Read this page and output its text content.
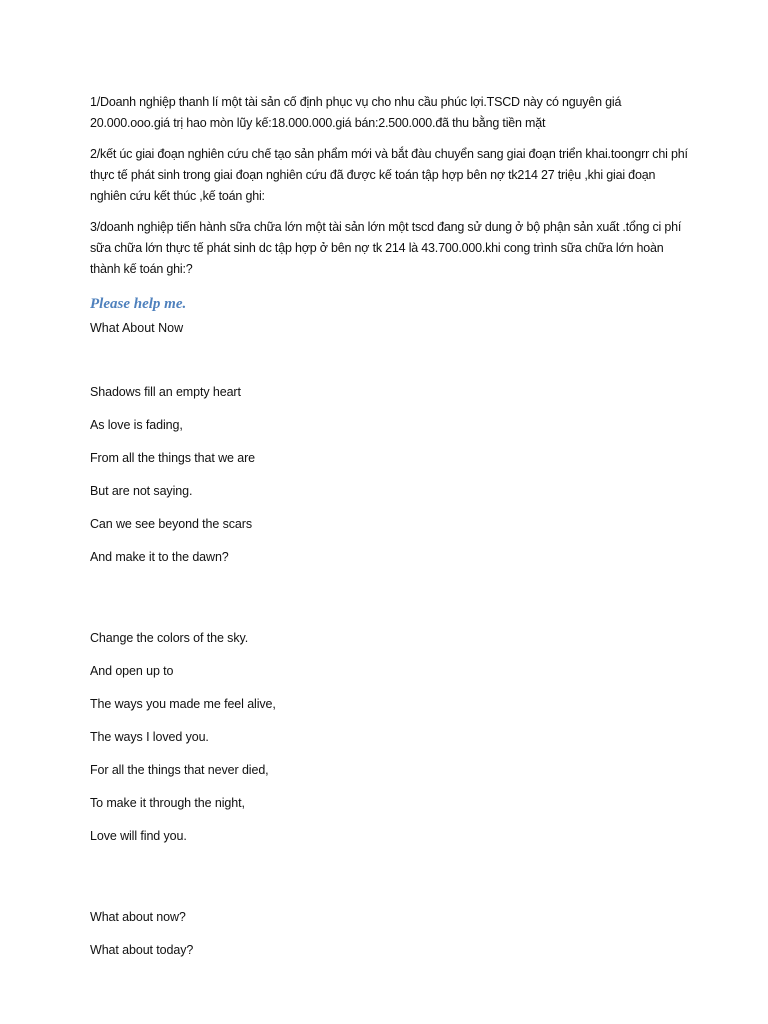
1/Doanh nghiệp thanh lí một tài sản cố định phục vụ cho nhu cầu phúc lợi.TSCD này có nguyên giá 20.000.ooo.giá trị hao mòn lũy kế:18.000.000.giá bán:2.500.000.đã thu bằng tiền mặt

2/kết úc giai đoạn nghiên cứu chế tạo sản phẩm mới và bắt đàu chuyển sang giai đoạn triển khai.toongrr chi phí thực tế phát sinh trong giai đoạn nghiên cứu đã được kế toán tập hợp bên nợ tk214 27 triệu ,khi giai đoạn nghiên cứu kết thúc ,kế toán ghi:

3/doanh nghiệp tiến hành sữa chữa lớn một tài sản lớn một tscd đang sử dung ở bộ phận sản xuất .tổng ci phí sữa chữa lớn thực tế phát sinh dc tập hợp ở bên nợ tk 214 là 43.700.000.khi cong trình sữa chữa lớn hoàn thành kế toán ghi:?

Please help me.

What About Now

Shadows fill an empty heart

As love is fading,

From all the things that we are

But are not saying.

Can we see beyond the scars

And make it to the dawn?

Change the colors of the sky.

And open up to

The ways you made me feel alive,

The ways I loved you.

For all the things that never died,

To make it through the night,

Love will find you.

What about now?

What about today?
